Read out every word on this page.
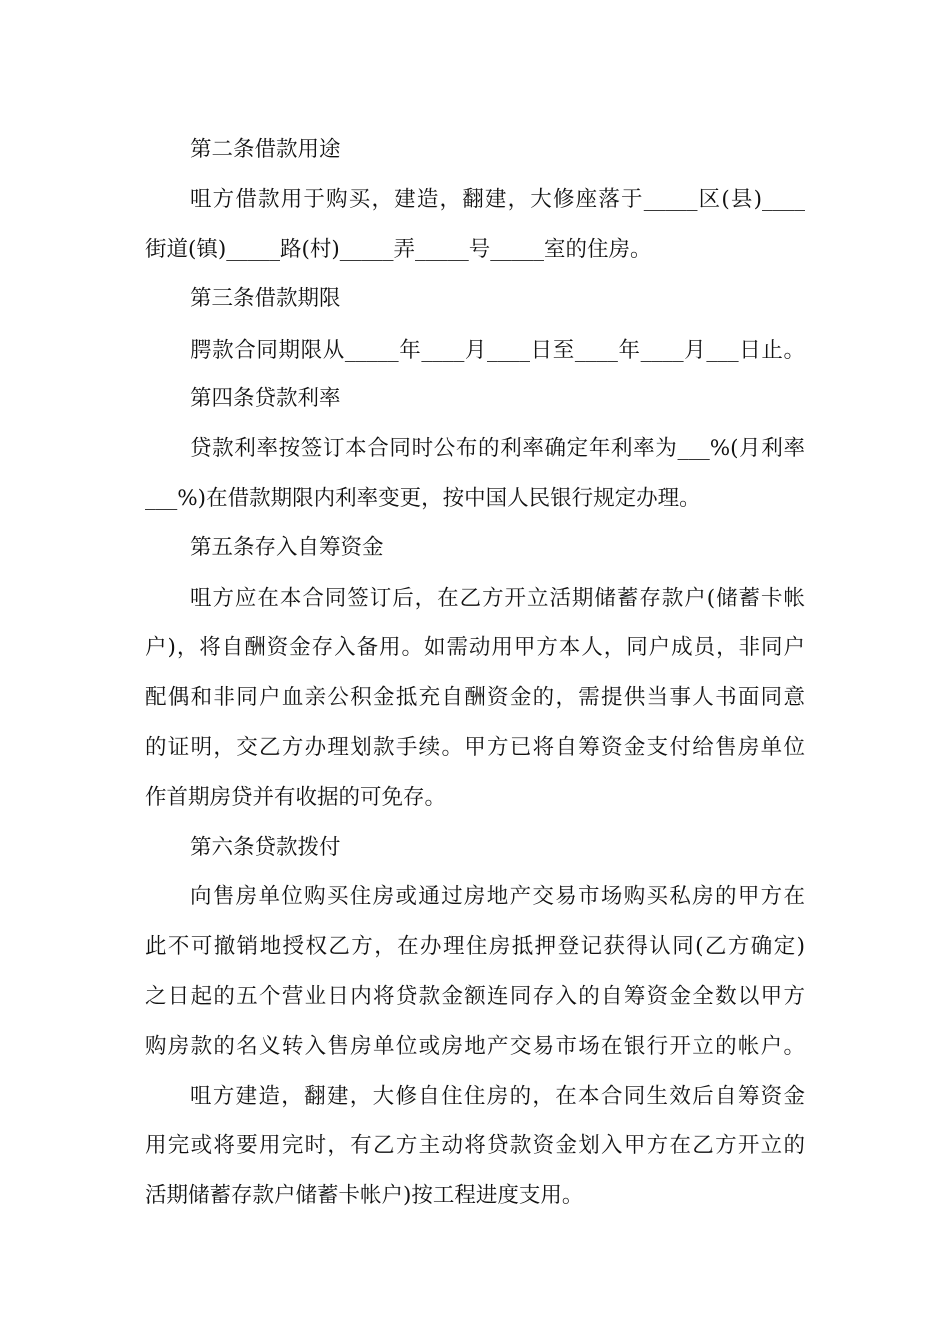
第二条借款用途
咀方借款用于购买，建造，翻建，大修座落于_____区(县)____
街道(镇)_____路(村)_____弄_____号_____室的住房。
第三条借款期限
腭款合同期限从_____年____月____日至____年____月___日止。
第四条贷款利率
贷款利率按签订本合同时公布的利率确定年利率为___%(月利率
___%)在借款期限内利率变更，按中国人民银行规定办理。
第五条存入自筹资金
咀方应在本合同签订后，在乙方开立活期储蓄存款户(储蓄卡帐
户)，将自酬资金存入备用。如需动用甲方本人，同户成员，非同户
配偶和非同户血亲公积金抵充自酬资金的，需提供当事人书面同意
的证明，交乙方办理划款手续。甲方已将自筹资金支付给售房单位
作首期房贷并有收据的可免存。
第六条贷款拨付
向售房单位购买住房或通过房地产交易市场购买私房的甲方在
此不可撤销地授权乙方，在办理住房抵押登记获得认同(乙方确定)
之日起的五个营业日内将贷款金额连同存入的自筹资金全数以甲方
购房款的名义转入售房单位或房地产交易市场在银行开立的帐户。
咀方建造，翻建，大修自住住房的，在本合同生效后自筹资金
用完或将要用完时，有乙方主动将贷款资金划入甲方在乙方开立的
活期储蓄存款户储蓄卡帐户)按工程进度支用。
